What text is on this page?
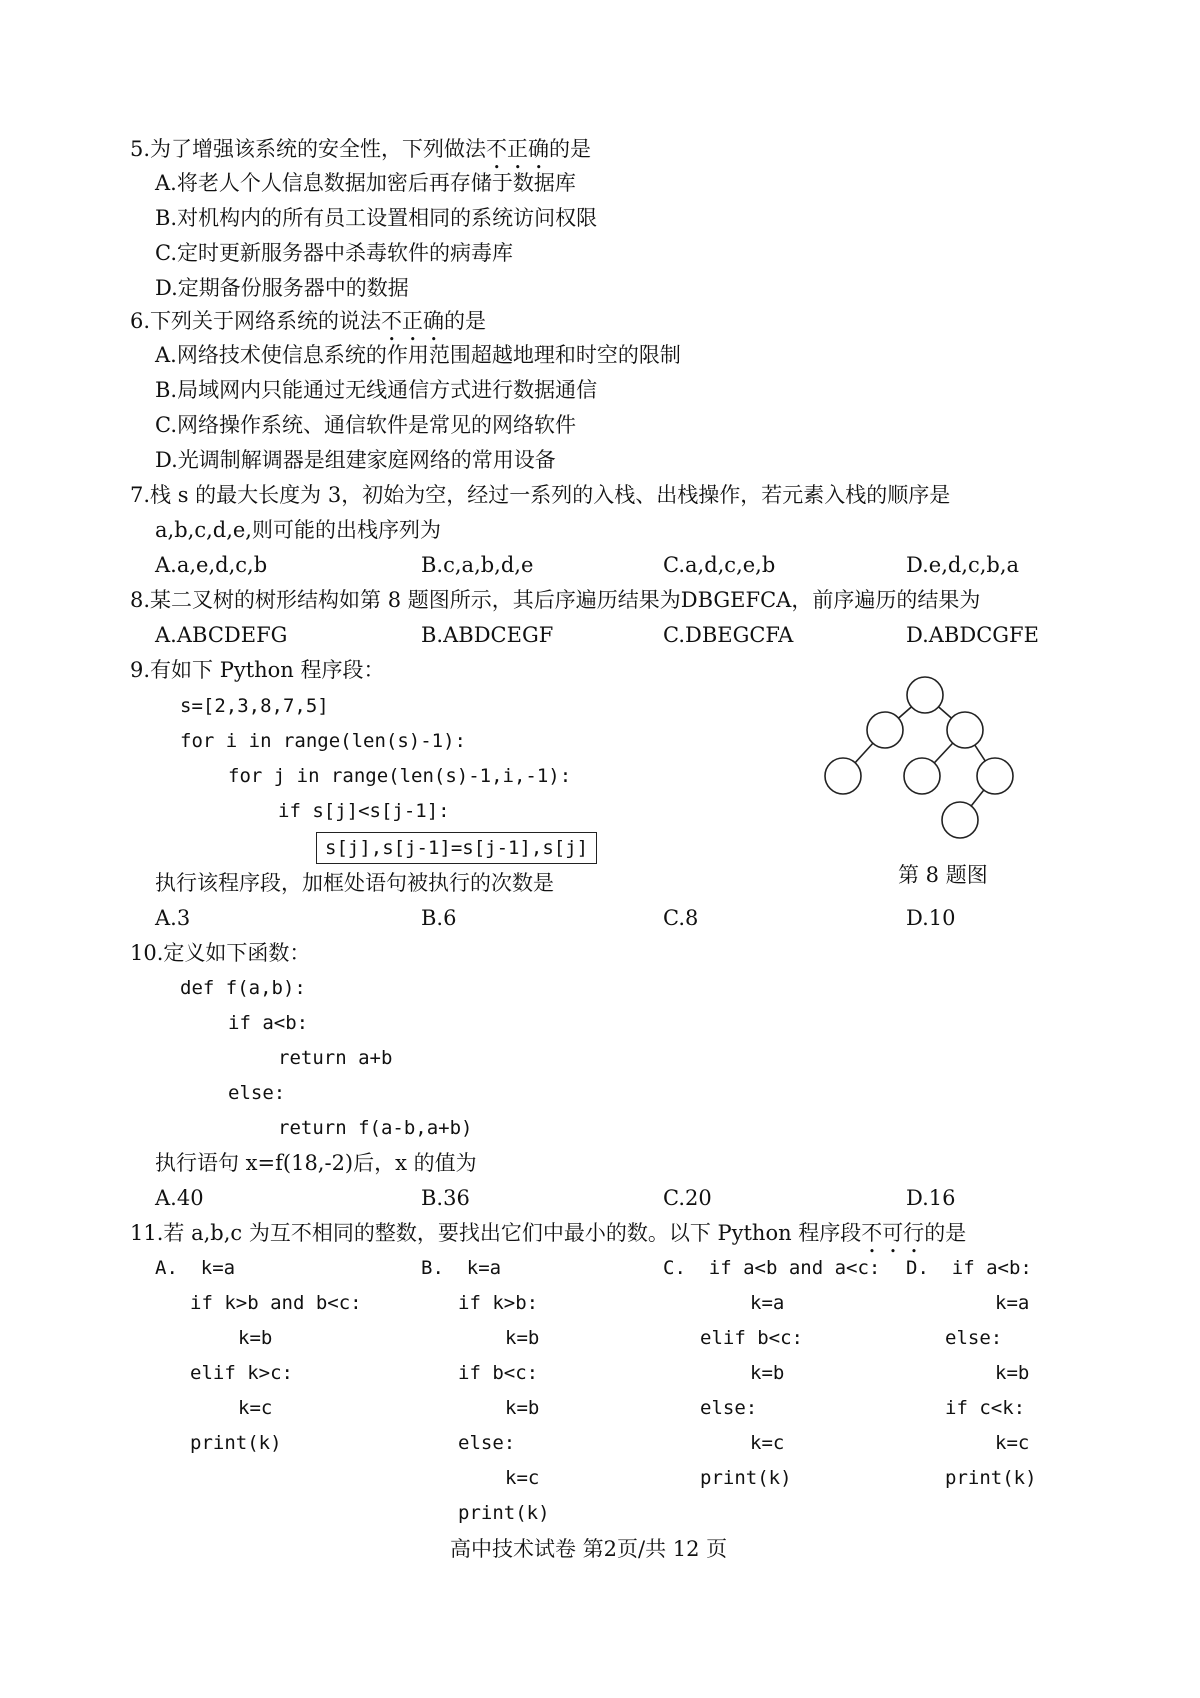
5.为了增强该系统的安全性，下列做法不正确的是
A.将老人个人信息数据加密后再存储于数据库
B.对机构内的所有员工设置相同的系统访问权限
C.定时更新服务器中杀毒软件的病毒库
D.定期备份服务器中的数据
6.下列关于网络系统的说法不正确的是
A.网络技术使信息系统的作用范围超越地理和时空的限制
B.局域网内只能通过无线通信方式进行数据通信
C.网络操作系统、通信软件是常见的网络软件
D.光调制解调器是组建家庭网络的常用设备
7.栈 s 的最大长度为 3，初始为空，经过一系列的入栈、出栈操作，若元素入栈的顺序是
a,b,c,d,e,则可能的出栈序列为
A.a,e,d,c,b	B.c,a,b,d,e	C.a,d,c,e,b	D.e,d,c,b,a
8.某二叉树的树形结构如第 8 题图所示，其后序遍历结果为DBGEFCA，前序遍历的结果为
A.ABCDEFG	B.ABDCEGF	C.DBEGCFA	D.ABDCGFE
第 8 题图
9.有如下 Python 程序段：
s=[2,3,8,7,5]
for i in range(len(s)-1):
for j in range(len(s)-1,i,-1):
if s[j]<s[j-1]:
s[j],s[j-1]=s[j-1],s[j]
执行该程序段，加框处语句被执行的次数是
A.3	B.6	C.8	D.10
10.定义如下函数：
def f(a,b):
if a<b:
return a+b
else:
return f(a-b,a+b)
执行语句 x=f(18,-2)后，x 的值为
A.40	B.36	C.20	D.16
11.若 a,b,c 为互不相同的整数，要找出它们中最小的数。以下 Python 程序段不可行的是
A.  k=a
if k>b and b<c:
k=b
elif k>c:
k=c
print(k)
B.  k=a
if k>b:
k=b
if b<c:
k=b
else:
k=c
print(k)
C.  if a<b and a<c:
k=a
elif b<c:
k=b
else:
k=c
print(k)
D.  if a<b:
k=a
else:
k=b
if c<k:
k=c
print(k)
高中技术试卷 第2页/共 12 页
